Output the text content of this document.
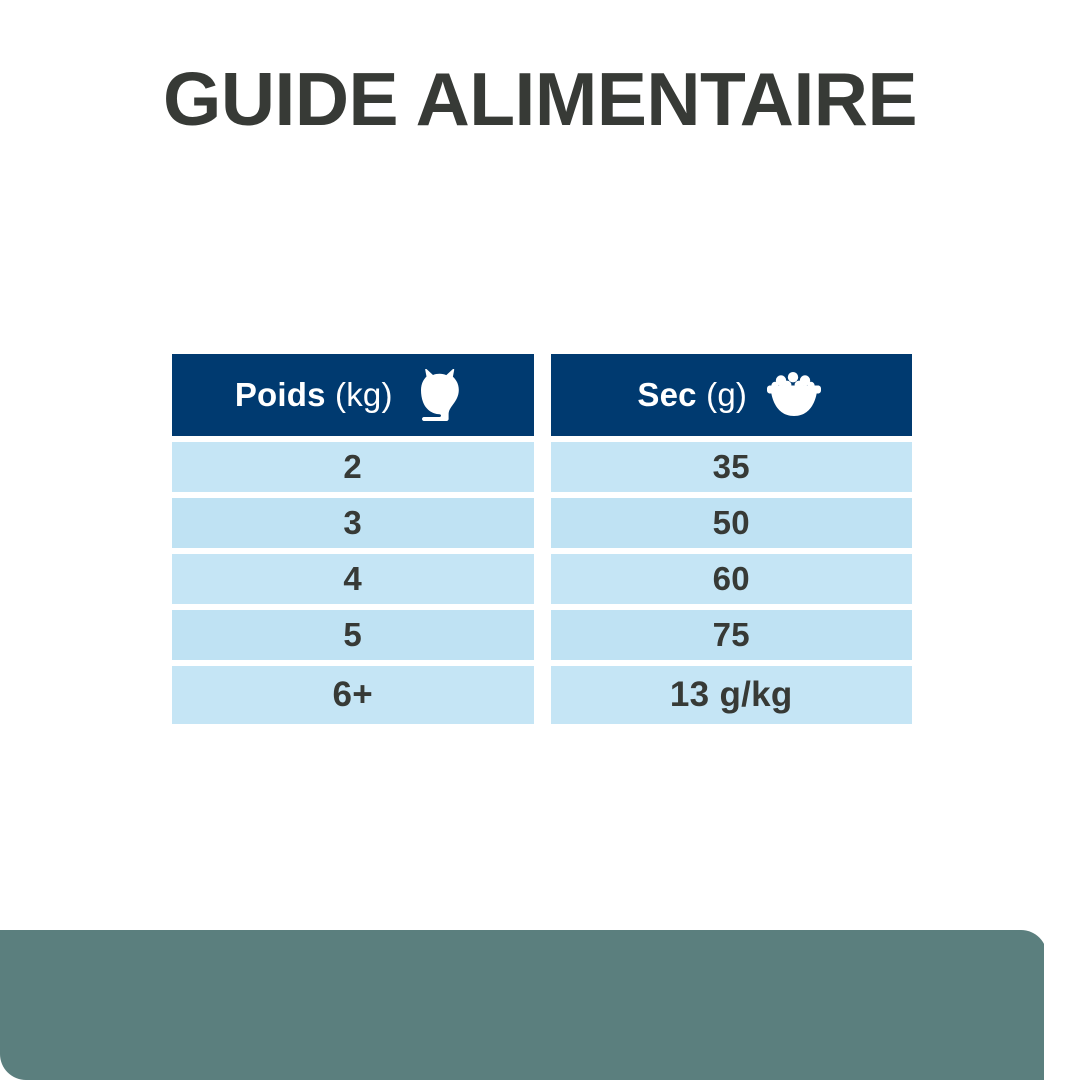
GUIDE ALIMENTAIRE
Poids (kg)
2
3
4
5
6+
Sec (g)
35
50
60
75
13 g/kg
